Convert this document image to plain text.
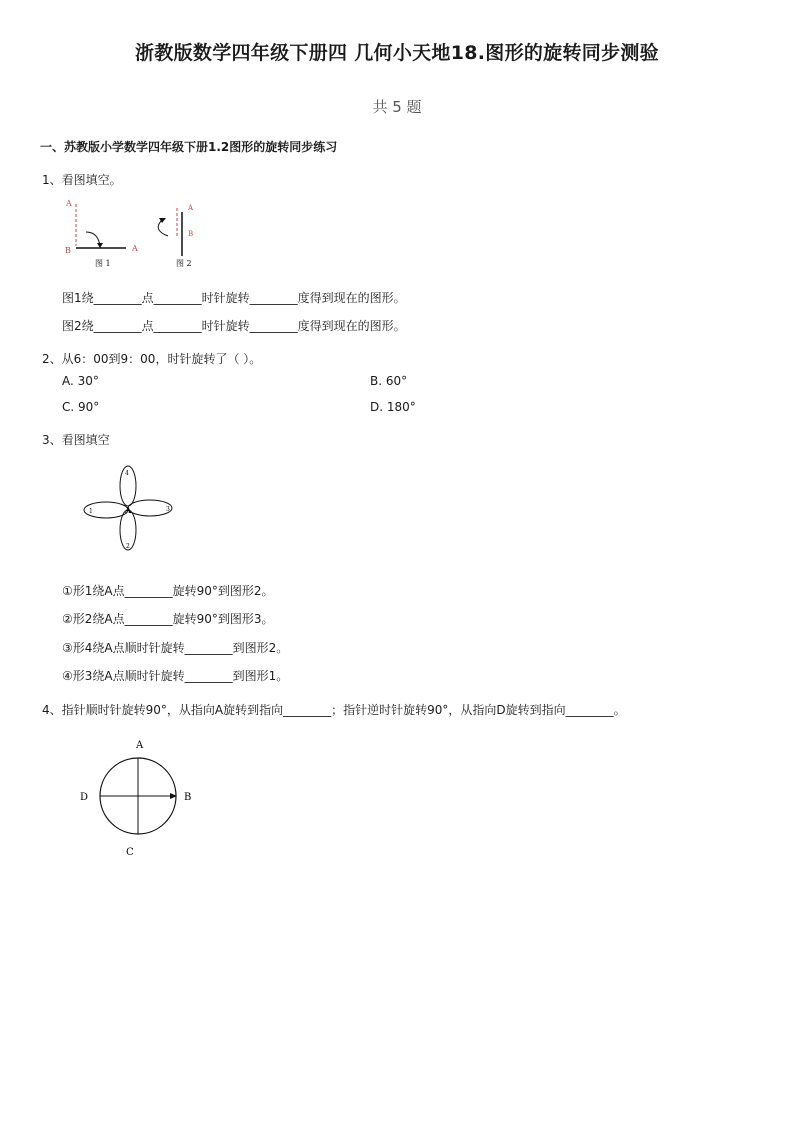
浙教版数学四年级下册四 几何小天地18.图形的旋转同步测验
共 5 题
一、苏教版小学数学四年级下册1.2图形的旋转同步练习
1、看图填空。
A
B	A
图 1
A
B
图 2
图1绕________点________时针旋转________度得到现在的图形。
图2绕________点________时针旋转________度得到现在的图形。
2、从6：00到9：00，时针旋转了（ ）。
A. 30°	B. 60°
C. 90°	D. 180°
3、看图填空
4
1	3
2
A
①形1绕A点________旋转90°到图形2。
②形2绕A点________旋转90°到图形3。
③形4绕A点顺时针旋转________到图形2。
④形3绕A点顺时针旋转________到图形1。
4、指针顺时针旋转90°，从指向A旋转到指向________；指针逆时针旋转90°，从指向D旋转到指向________。
A
B
C
D
